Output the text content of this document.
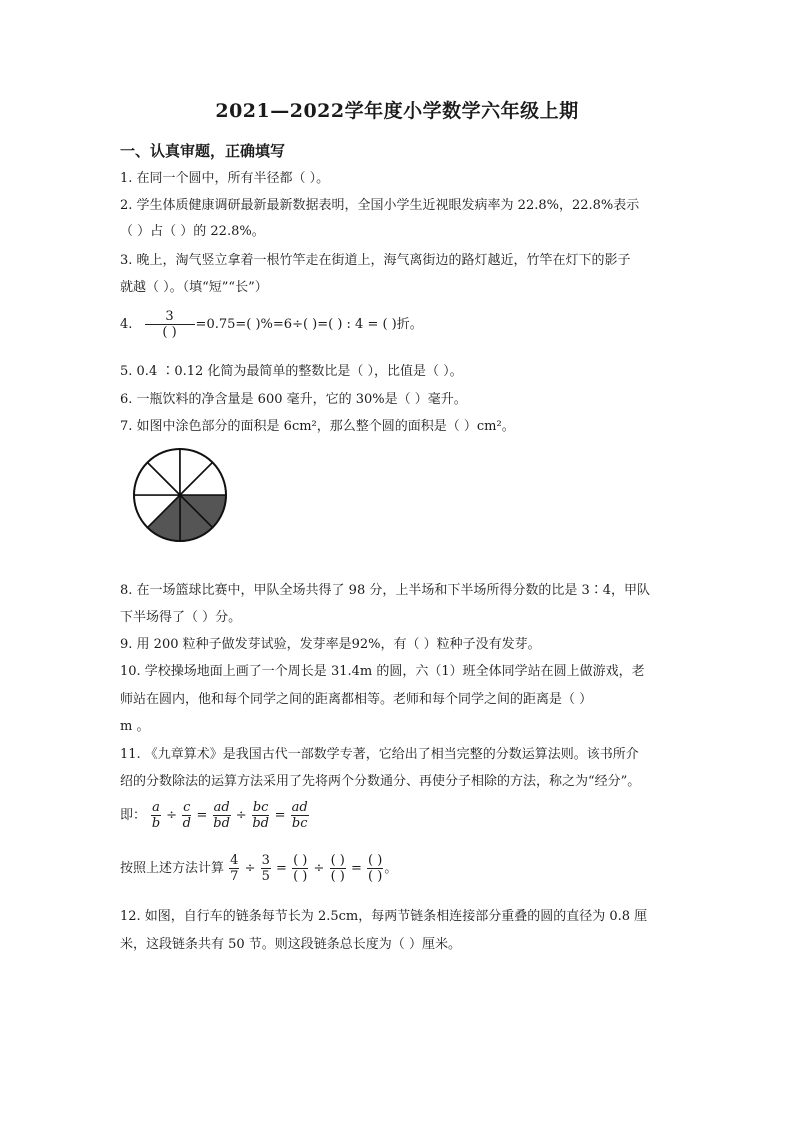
2021—2022学年度小学数学六年级上期
一、认真审题，正确填写
1. 在同一个圆中，所有半径都（ ）。
2. 学生体质健康调研最新最新数据表明，全国小学生近视眼发病率为 22.8%，22.8%表示
（ ）占（ ）的 22.8%。
3. 晚上，淘气竖立拿着一根竹竿走在街道上，海气离街边的路灯越近，竹竿在灯下的影子
就越（ ）。（填“短”“长”）
4. $\frac{3}{( )} =0.75=$( )%=6÷( )=( ) : 4 = ( )折。
5. 0.4 ∶0.12 化简为最简单的整数比是（ ），比值是（ ）。
6. 一瓶饮料的净含量是 600 毫升，它的 30%是（ ）毫升。
7. 如图中涂色部分的面积是 6cm²，那么整个圆的面积是（ ）cm²。
8. 在一场篮球比赛中，甲队全场共得了 98 分，上半场和下半场所得分数的比是 3∶4，甲队
下半场得了（ ）分。
9. 用 200 粒种子做发芽试验，发芽率是92%，有（ ）粒种子没有发芽。
10. 学校操场地面上画了一个周长是 31.4m 的圆，六（1）班全体同学站在圆上做游戏，老
师站在圆内，他和每个同学之间的距离都相等。老师和每个同学之间的距离是（ ）
m 。
11. 《九章算术》是我国古代一部数学专著，它给出了相当完整的分数运算法则。该书所介
绍的分数除法的运算方法采用了先将两个分数通分、再使分子相除的方法，称之为“经分”。
即： $\frac{a}{b} \div \frac{c}{d} = \frac{ad}{bd} \div \frac{bc}{bd} = \frac{ad}{bc}$
按照上述方法计算 $\frac{4}{7} \div \frac{3}{5} = \frac{( )}{( )} \div \frac{( )}{( )} = \frac{( )}{( )}$ 。
12. 如图，自行车的链条每节长为 2.5cm，每两节链条相连接部分重叠的圆的直径为 0.8 厘
米，这段链条共有 50 节。则这段链条总长度为（ ）厘米。
